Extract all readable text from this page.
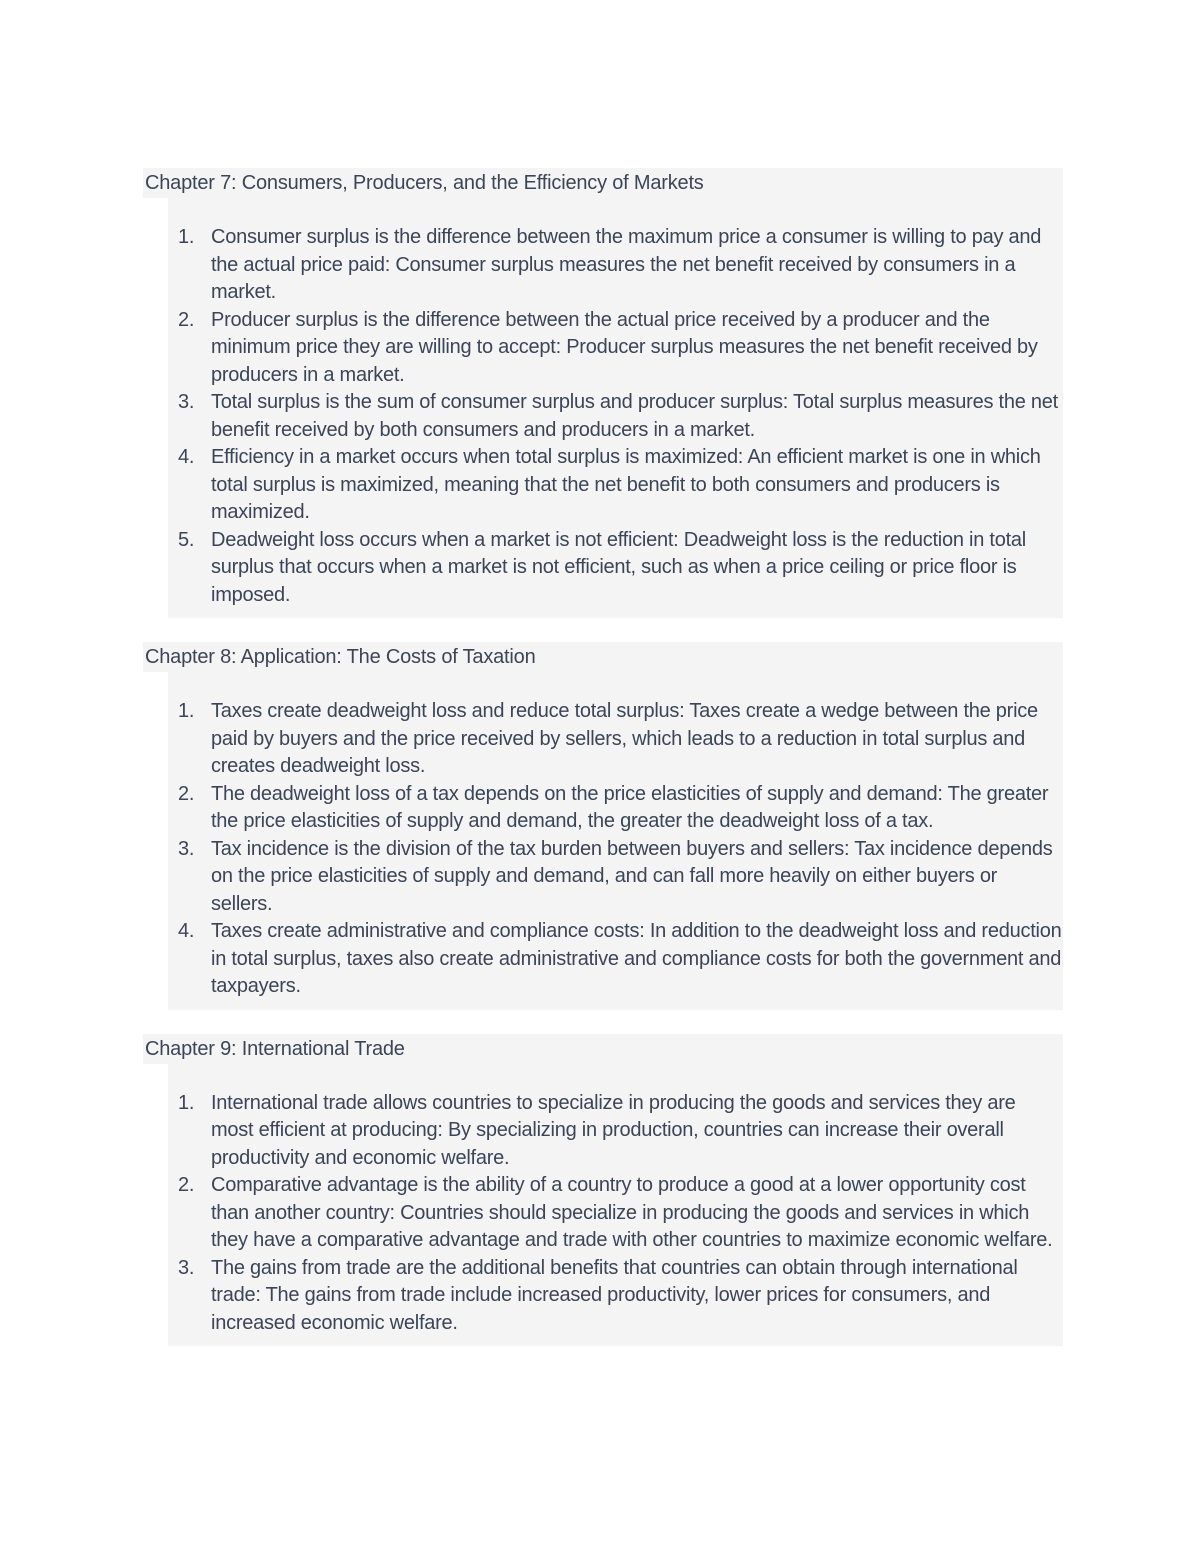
Chapter 7: Consumers, Producers, and the Efficiency of Markets
Consumer surplus is the difference between the maximum price a consumer is willing to pay and the actual price paid: Consumer surplus measures the net benefit received by consumers in a market.
Producer surplus is the difference between the actual price received by a producer and the minimum price they are willing to accept: Producer surplus measures the net benefit received by producers in a market.
Total surplus is the sum of consumer surplus and producer surplus: Total surplus measures the net benefit received by both consumers and producers in a market.
Efficiency in a market occurs when total surplus is maximized: An efficient market is one in which total surplus is maximized, meaning that the net benefit to both consumers and producers is maximized.
Deadweight loss occurs when a market is not efficient: Deadweight loss is the reduction in total surplus that occurs when a market is not efficient, such as when a price ceiling or price floor is imposed.
Chapter 8: Application: The Costs of Taxation
Taxes create deadweight loss and reduce total surplus: Taxes create a wedge between the price paid by buyers and the price received by sellers, which leads to a reduction in total surplus and creates deadweight loss.
The deadweight loss of a tax depends on the price elasticities of supply and demand: The greater the price elasticities of supply and demand, the greater the deadweight loss of a tax.
Tax incidence is the division of the tax burden between buyers and sellers: Tax incidence depends on the price elasticities of supply and demand, and can fall more heavily on either buyers or sellers.
Taxes create administrative and compliance costs: In addition to the deadweight loss and reduction in total surplus, taxes also create administrative and compliance costs for both the government and taxpayers.
Chapter 9: International Trade
International trade allows countries to specialize in producing the goods and services they are most efficient at producing: By specializing in production, countries can increase their overall productivity and economic welfare.
Comparative advantage is the ability of a country to produce a good at a lower opportunity cost than another country: Countries should specialize in producing the goods and services in which they have a comparative advantage and trade with other countries to maximize economic welfare.
The gains from trade are the additional benefits that countries can obtain through international trade: The gains from trade include increased productivity, lower prices for consumers, and increased economic welfare.
